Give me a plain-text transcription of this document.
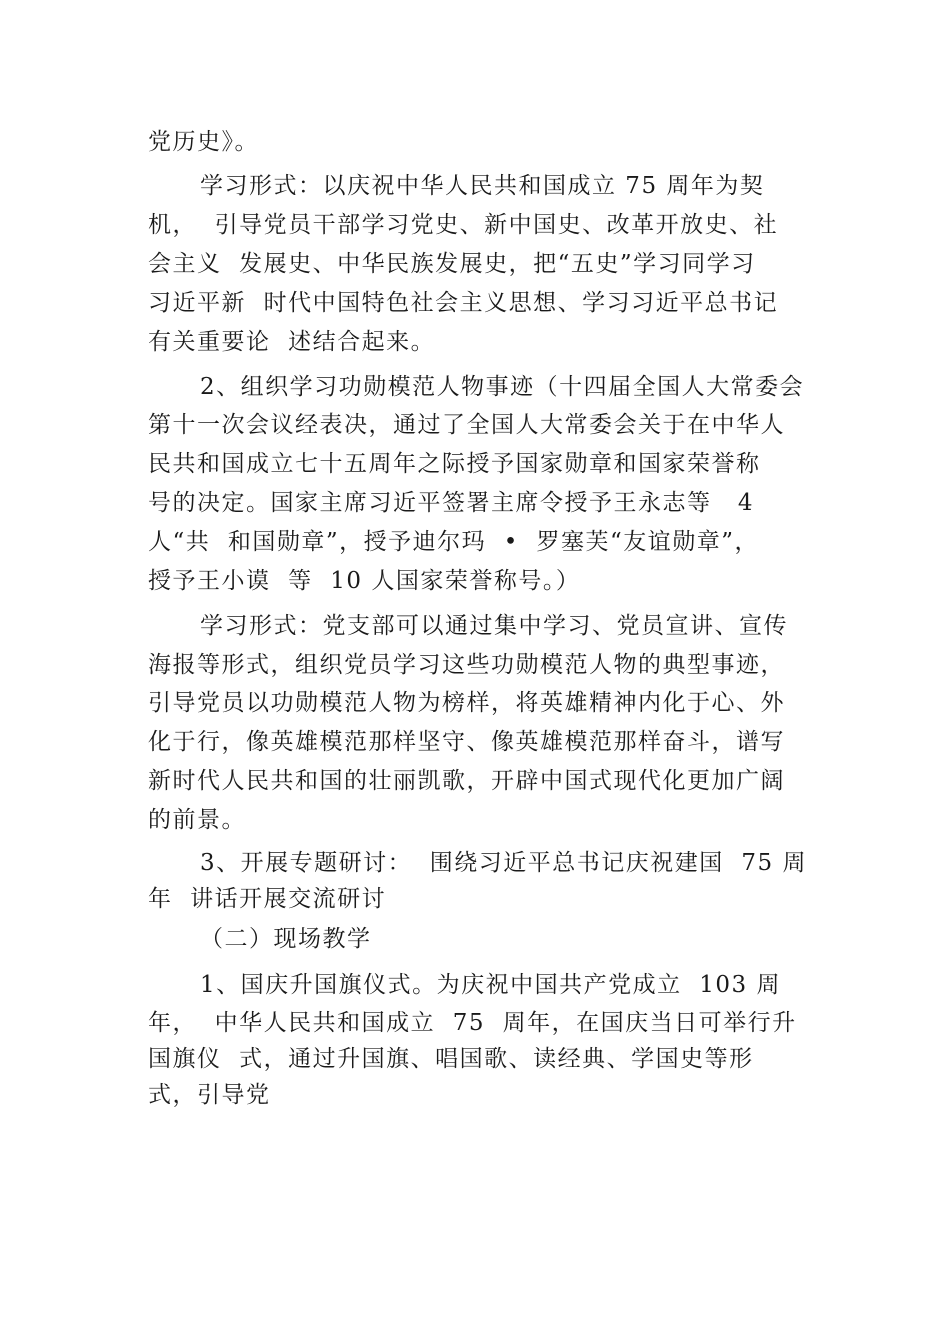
党历史》。
学习形式：以庆祝中华人民共和国成立 75 周年为契
机，  引导党员干部学习党史、新中国史、改革开放史、社
会主义  发展史、中华民族发展史，把“五史”学习同学习
习近平新  时代中国特色社会主义思想、学习习近平总书记
有关重要论  述结合起来。
2、组织学习功勋模范人物事迹（十四届全国人大常委会
第十一次会议经表决，通过了全国人大常委会关于在中华人
民共和国成立七十五周年之际授予国家勋章和国家荣誉称
号的决定。国家主席习近平签署主席令授予王永志等   4
人“共  和国勋章”，授予迪尔玛  •  罗塞芙“友谊勋章”，
授予王小谟  等  10 人国家荣誉称号。）
学习形式：党支部可以通过集中学习、党员宣讲、宣传
海报等形式，组织党员学习这些功勋模范人物的典型事迹，
引导党员以功勋模范人物为榜样，将英雄精神内化于心、外
化于行，像英雄模范那样坚守、像英雄模范那样奋斗，谱写
新时代人民共和国的壮丽凯歌，开辟中国式现代化更加广阔
的前景。
3、开展专题研讨：  围绕习近平总书记庆祝建国  75 周
年  讲话开展交流研讨
（二）现场教学
1、国庆升国旗仪式。为庆祝中国共产党成立  103 周
年，  中华人民共和国成立  75  周年，在国庆当日可举行升
国旗仪  式，通过升国旗、唱国歌、读经典、学国史等形
式，引导党
